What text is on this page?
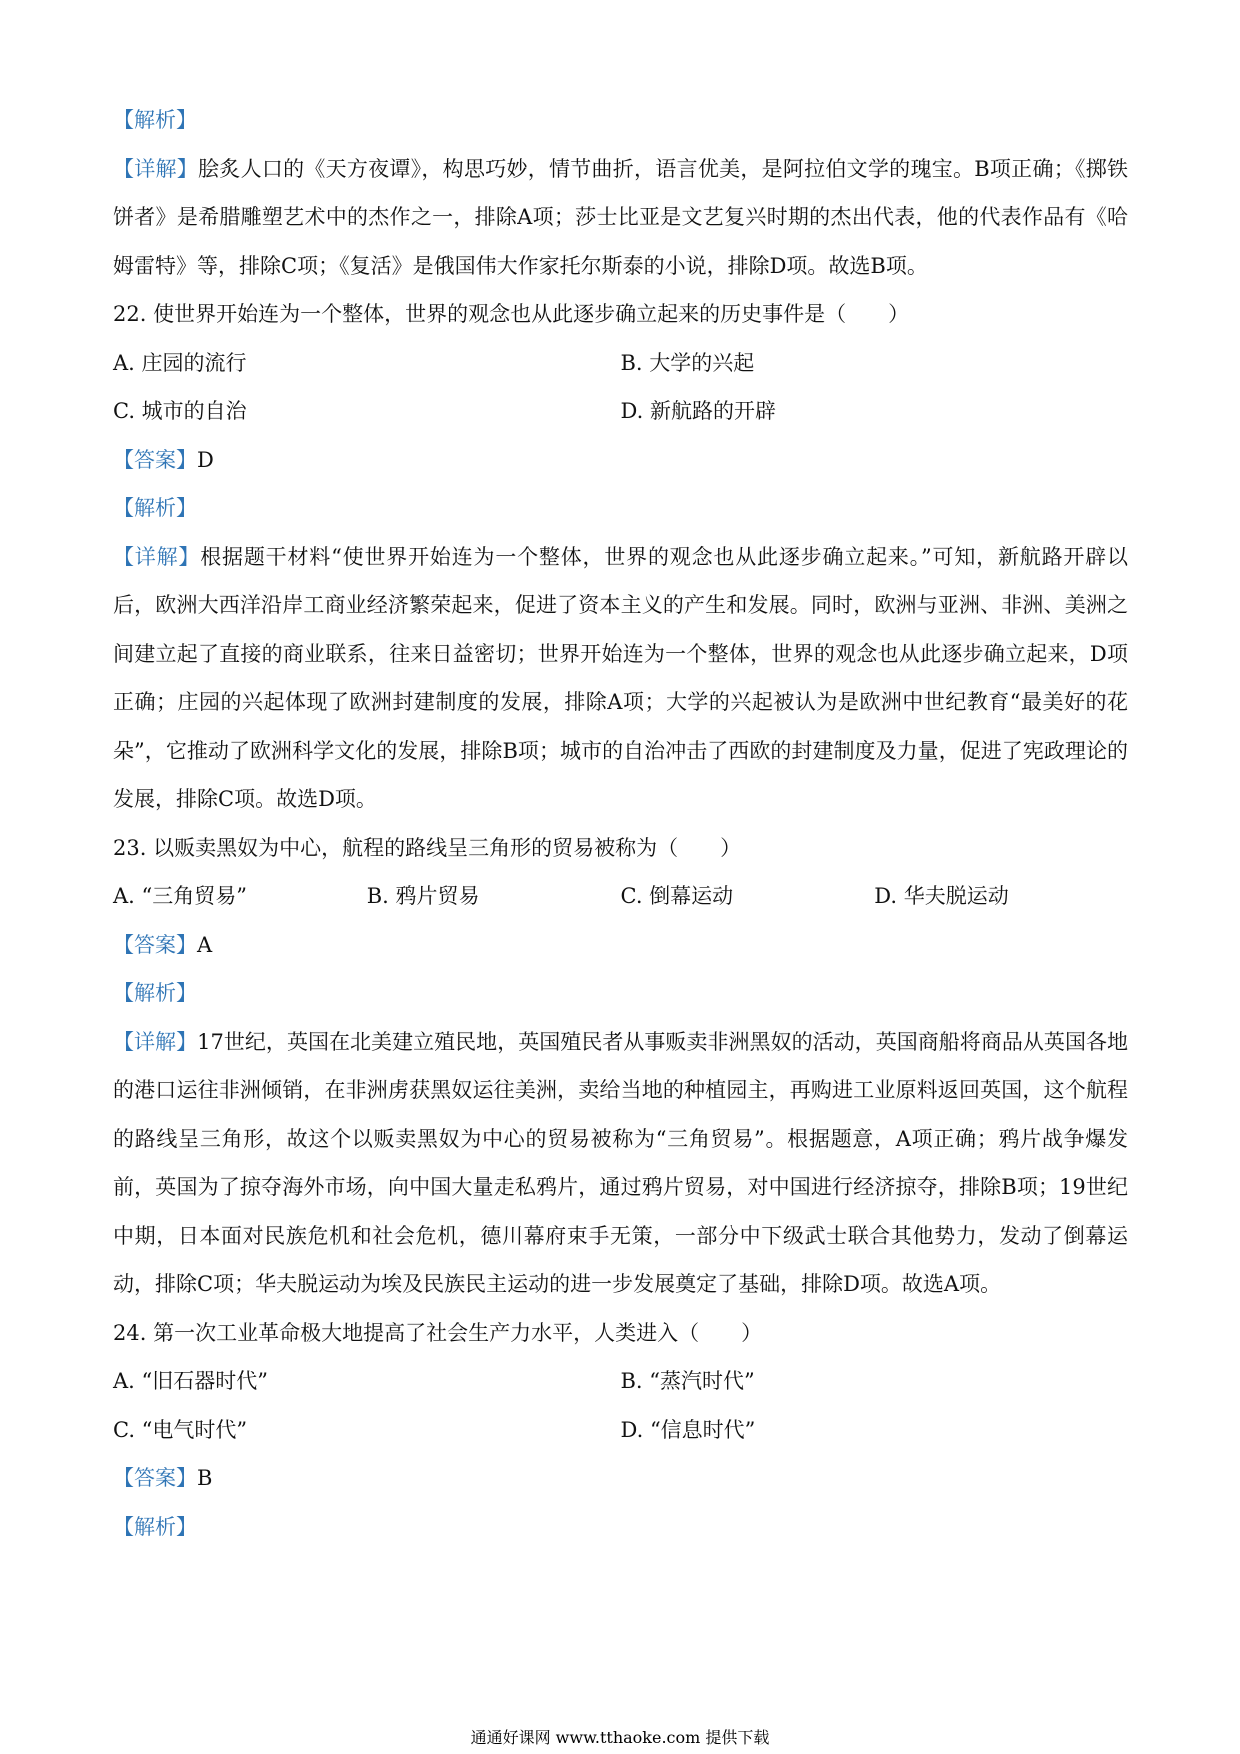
【解析】

【详解】脍炙人口的《天方夜谭》，构思巧妙，情节曲折，语言优美，是阿拉伯文学的瑰宝。B项正确；《掷铁饼者》是希腊雕塑艺术中的杰作之一，排除A项；莎士比亚是文艺复兴时期的杰出代表，他的代表作品有《哈姆雷特》等，排除C项；《复活》是俄国伟大作家托尔斯泰的小说，排除D项。故选B项。

22. 使世界开始连为一个整体，世界的观念也从此逐步确立起来的历史事件是（　　）
A. 庄园的流行	B. 大学的兴起
C. 城市的自治	D. 新航路的开辟
【答案】D
【解析】

【详解】根据题干材料“使世界开始连为一个整体，世界的观念也从此逐步确立起来。”可知，新航路开辟以后，欧洲大西洋沿岸工商业经济繁荣起来，促进了资本主义的产生和发展。同时，欧洲与亚洲、非洲、美洲之间建立起了直接的商业联系，往来日益密切；世界开始连为一个整体，世界的观念也从此逐步确立起来，D项正确；庄园的兴起体现了欧洲封建制度的发展，排除A项；大学的兴起被认为是欧洲中世纪教育“最美好的花朵”，它推动了欧洲科学文化的发展，排除B项；城市的自治冲击了西欧的封建制度及力量，促进了宪政理论的发展，排除C项。故选D项。

23. 以贩卖黑奴为中心，航程的路线呈三角形的贸易被称为（　　）
A. “三角贸易”	B. 鸦片贸易	C. 倒幕运动	D. 华夫脱运动
【答案】A
【解析】

【详解】17世纪，英国在北美建立殖民地，英国殖民者从事贩卖非洲黑奴的活动，英国商船将商品从英国各地的港口运往非洲倾销，在非洲虏获黑奴运往美洲，卖给当地的种植园主，再购进工业原料返回英国，这个航程的路线呈三角形，故这个以贩卖黑奴为中心的贸易被称为“三角贸易”。根据题意，A项正确；鸦片战争爆发前，英国为了掠夺海外市场，向中国大量走私鸦片，通过鸦片贸易，对中国进行经济掠夺，排除B项；19世纪中期，日本面对民族危机和社会危机，德川幕府束手无策，一部分中下级武士联合其他势力，发动了倒幕运动，排除C项；华夫脱运动为埃及民族民主运动的进一步发展奠定了基础，排除D项。故选A项。

24. 第一次工业革命极大地提高了社会生产力水平，人类进入（　　）
A. “旧石器时代”	B. “蒸汽时代”
C. “电气时代”	D. “信息时代”
【答案】B
【解析】
通通好课网 www.tthaoke.com 提供下载
